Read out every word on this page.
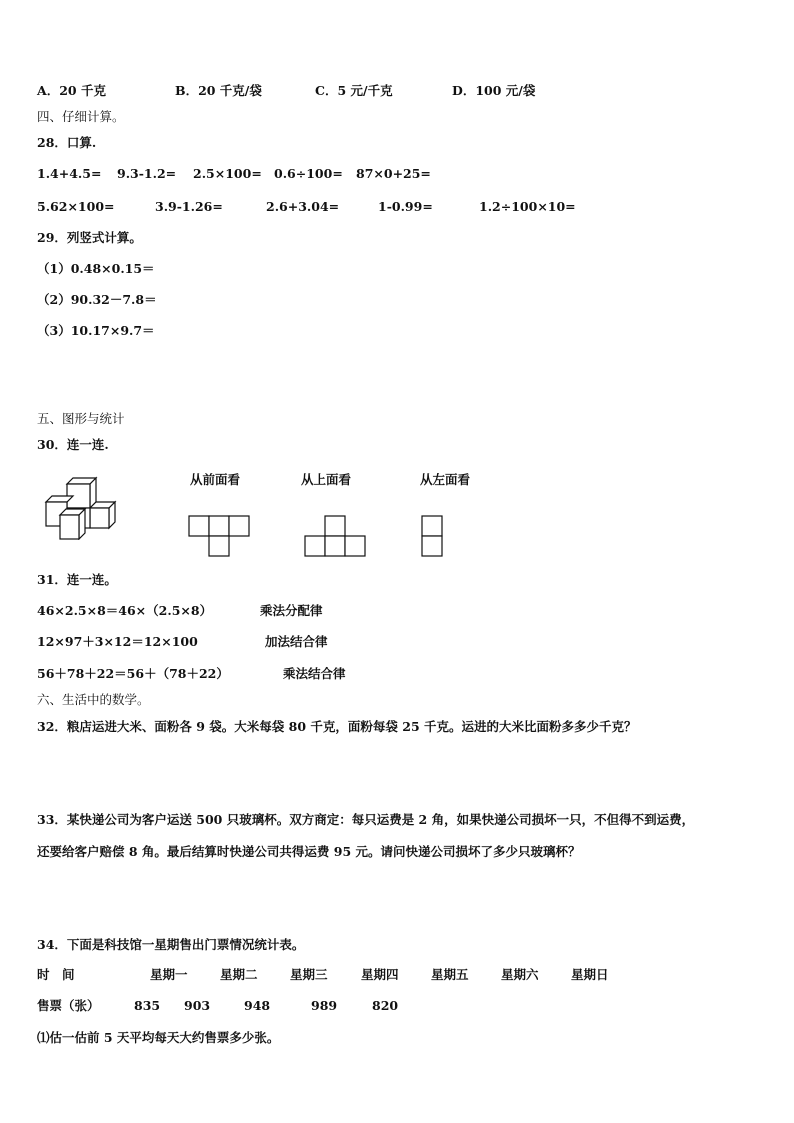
A．20 千克	B．20 千克/袋	C．5 元/千克	D．100 元/袋
四、仔细计算。
28．口算.
1.4+4.5= 9.3-1.2= 2.5×100= 0.6÷100= 87×0+25=
5.62×100=	3.9-1.26=	2.6+3.04=	1-0.99=	1.2÷100×10=
29．列竖式计算。
（1）0.48×0.15＝
（2）90.32－7.8＝
（3）10.17×9.7＝
五、图形与统计
30．连一连.
从前面看	从上面看	从左面看
31．连一连。
46×2.5×8＝46×（2.5×8）	乘法分配律
12×97＋3×12＝12×100	加法结合律
56＋78＋22＝56＋（78＋22）	乘法结合律
六、生活中的数学。
32．粮店运进大米、面粉各 9 袋。大米每袋 80 千克，面粉每袋 25 千克。运进的大米比面粉多多少千克？
33．某快递公司为客户运送 500 只玻璃杯。双方商定：每只运费是 2 角，如果快递公司损坏一只，不但得不到运费，
还要给客户赔偿 8 角。最后结算时快递公司共得运费 95 元。请问快递公司损坏了多少只玻璃杯？
34．下面是科技馆一星期售出门票情况统计表。
时　间	星期一	星期二	星期三	星期四	星期五	星期六	星期日
售票（张）	835 903	948	989	820
⑴估一估前 5 天平均每天大约售票多少张。
